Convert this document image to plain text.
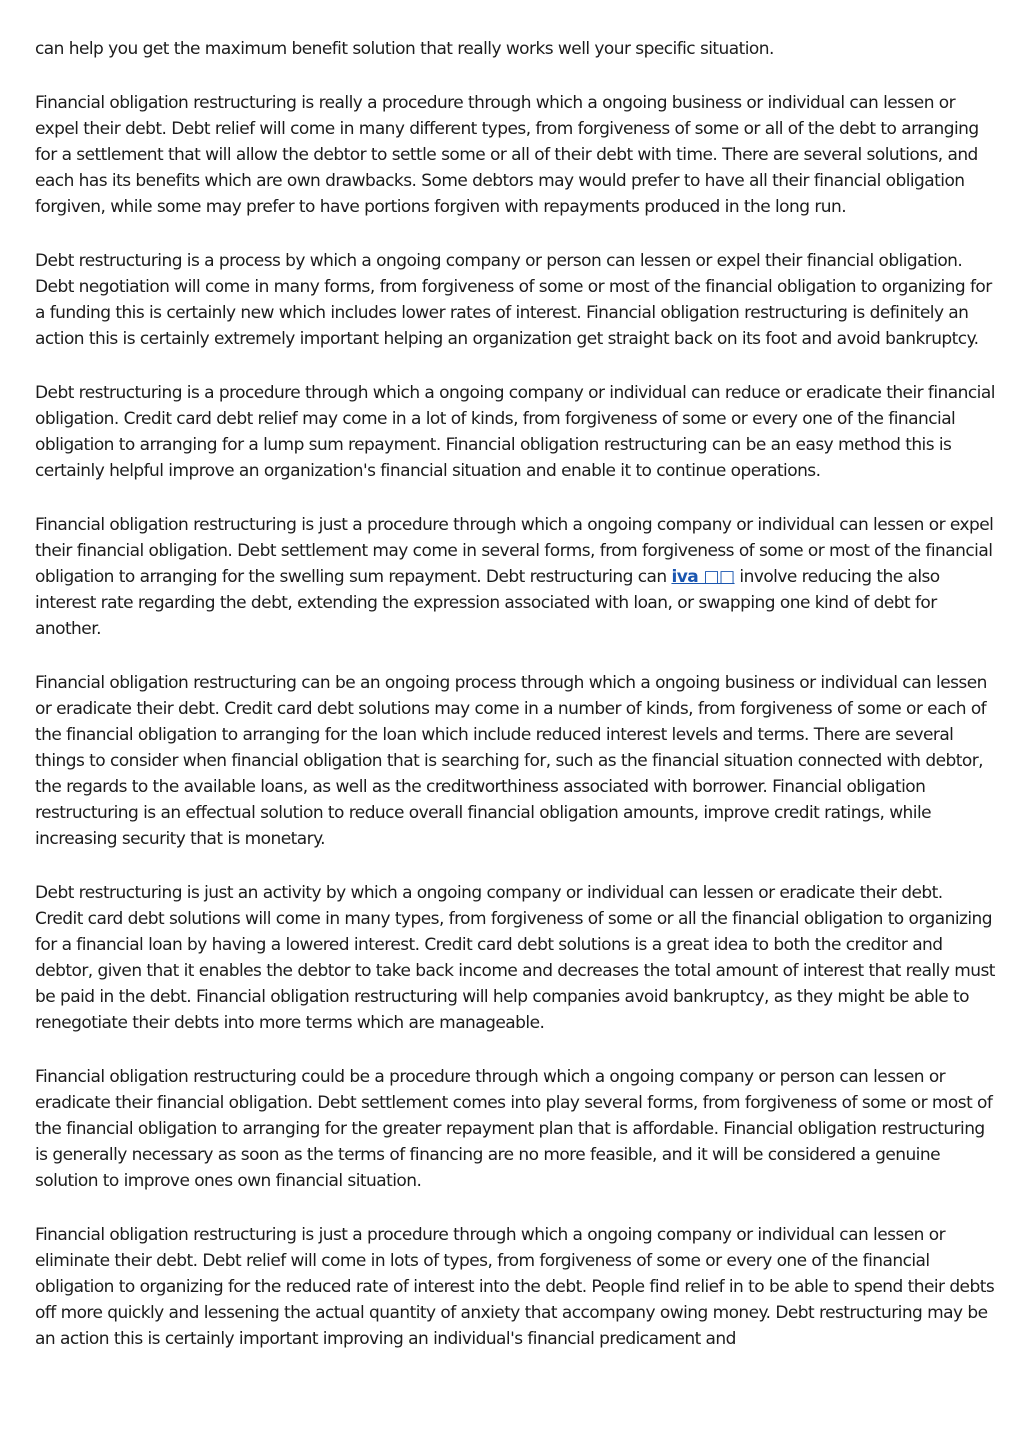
can help you get the maximum benefit solution that really works well your specific situation.

Financial obligation restructuring is really a procedure through which a ongoing business or individual can lessen or expel their debt. Debt relief will come in many different types, from forgiveness of some or all of the debt to arranging for a settlement that will allow the debtor to settle some or all of their debt with time. There are several solutions, and each has its benefits which are own drawbacks. Some debtors may would prefer to have all their financial obligation forgiven, while some may prefer to have portions forgiven with repayments produced in the long run.

Debt restructuring is a process by which a ongoing company or person can lessen or expel their financial obligation. Debt negotiation will come in many forms, from forgiveness of some or most of the financial obligation to organizing for a funding this is certainly new which includes lower rates of interest. Financial obligation restructuring is definitely an action this is certainly extremely important helping an organization get straight back on its foot and avoid bankruptcy.

Debt restructuring is a procedure through which a ongoing company or individual can reduce or eradicate their financial obligation. Credit card debt relief may come in a lot of kinds, from forgiveness of some or every one of the financial obligation to arranging for a lump sum repayment. Financial obligation restructuring can be an easy method this is certainly helpful improve an organization's financial situation and enable it to continue operations.

Financial obligation restructuring is just a procedure through which a ongoing company or individual can lessen or expel their financial obligation. Debt settlement may come in several forms, from forgiveness of some or most of the financial obligation to arranging for the swelling sum repayment. Debt restructuring can iva □□ involve reducing the also interest rate regarding the debt, extending the expression associated with loan, or swapping one kind of debt for another.

Financial obligation restructuring can be an ongoing process through which a ongoing business or individual can lessen or eradicate their debt. Credit card debt solutions may come in a number of kinds, from forgiveness of some or each of the financial obligation to arranging for the loan which include reduced interest levels and terms. There are several things to consider when financial obligation that is searching for, such as the financial situation connected with debtor, the regards to the available loans, as well as the creditworthiness associated with borrower. Financial obligation restructuring is an effectual solution to reduce overall financial obligation amounts, improve credit ratings, while increasing security that is monetary.

Debt restructuring is just an activity by which a ongoing company or individual can lessen or eradicate their debt. Credit card debt solutions will come in many types, from forgiveness of some or all the financial obligation to organizing for a financial loan by having a lowered interest. Credit card debt solutions is a great idea to both the creditor and debtor, given that it enables the debtor to take back income and decreases the total amount of interest that really must be paid in the debt. Financial obligation restructuring will help companies avoid bankruptcy, as they might be able to renegotiate their debts into more terms which are manageable.

Financial obligation restructuring could be a procedure through which a ongoing company or person can lessen or eradicate their financial obligation. Debt settlement comes into play several forms, from forgiveness of some or most of the financial obligation to arranging for the greater repayment plan that is affordable. Financial obligation restructuring is generally necessary as soon as the terms of financing are no more feasible, and it will be considered a genuine solution to improve ones own financial situation.

Financial obligation restructuring is just a procedure through which a ongoing company or individual can lessen or eliminate their debt. Debt relief will come in lots of types, from forgiveness of some or every one of the financial obligation to organizing for the reduced rate of interest into the debt. People find relief in to be able to spend their debts off more quickly and lessening the actual quantity of anxiety that accompany owing money. Debt restructuring may be an action this is certainly important improving an individual's financial predicament and
